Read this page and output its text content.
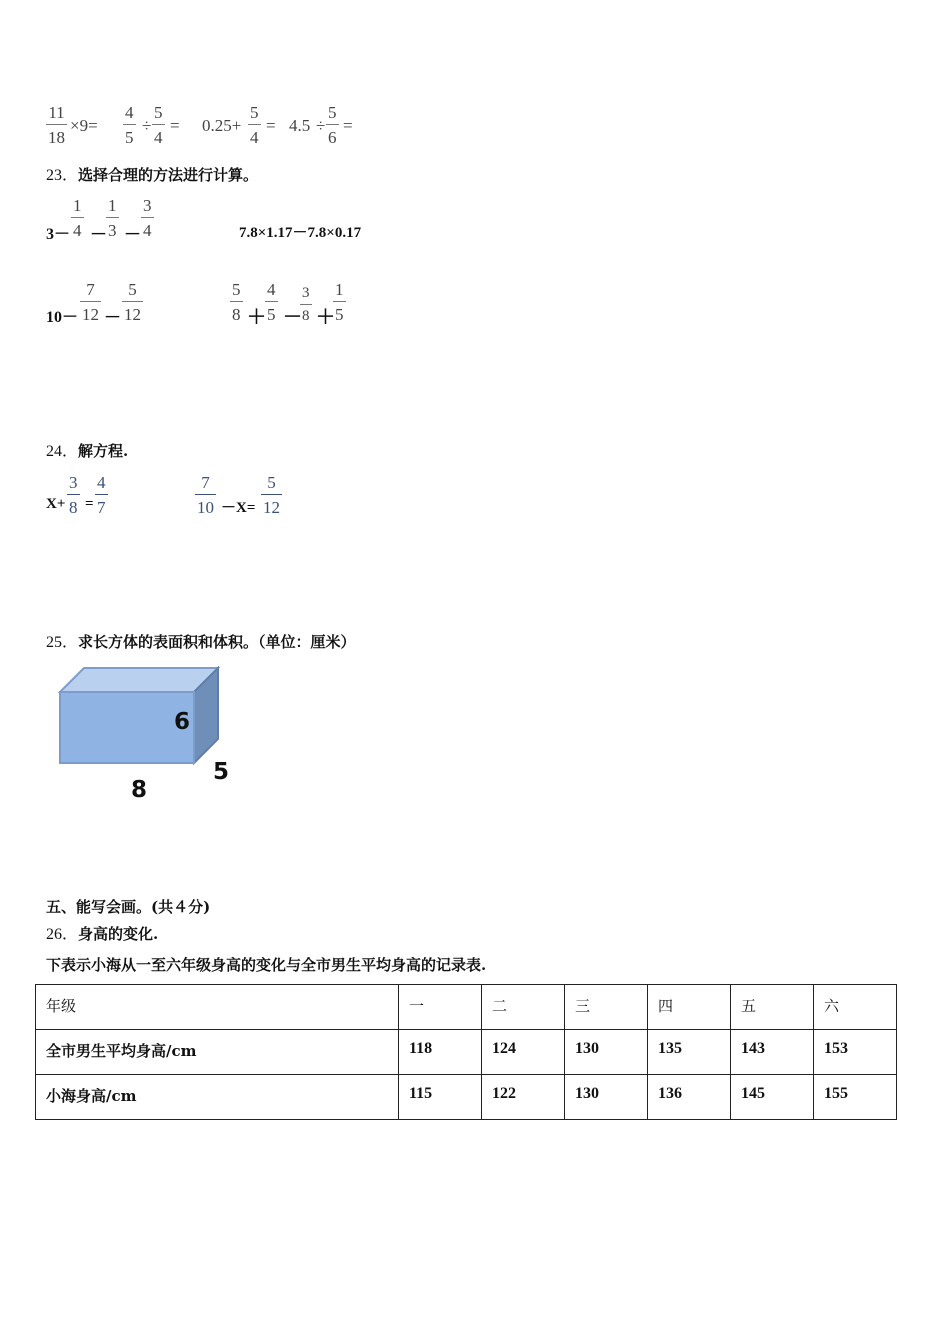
11
18
×9=
4
5
÷
5
4
= 0.25+
5
4
= 4.5 ÷
5
6
=
23．选择合理的方法进行计算。
3－
1
4 －
1
3 －
3
4	7.8×1.17－7.8×0.17
10－
7
12 －
5
12
5
8 ＋
4
5 －
3
8 ＋
1
5
24．解方程.
X+
3
8 =
4
7
7
10 －X=
5
12
25．求长方体的表面积和体积。（单位：厘米）
6
5
8
五、能写会画。(共４分)
26．身高的变化.
下表示小海从一至六年级身高的变化与全市男生平均身高的记录表.
年级	一	二	三	四	五	六
全市男生平均身高/cm	118	124	130	135	143	153
小海身高/cm	115	122	130	136	145	155
